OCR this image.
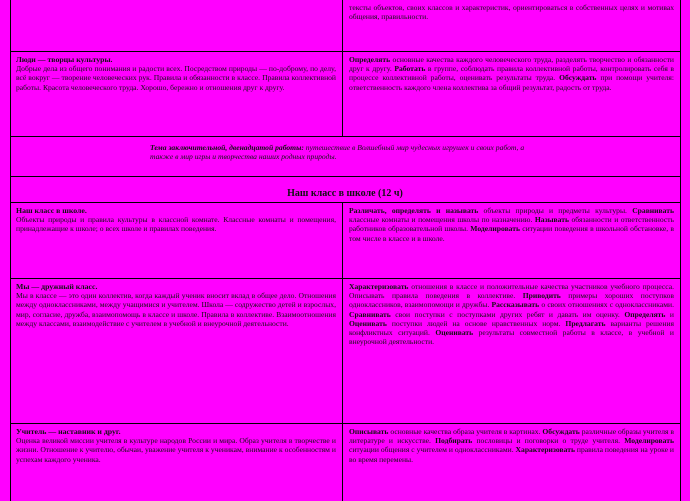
тексты объектов, своих классов и характеристик, ориентироваться в собственных целях и мотивах общения, правильности.

Люди — творцы культуры.

Добрые дела из общего понимания и радости всех. Посредством природы — по-доброму, по делу, всё вокруг — творение человеческих рук. Правила и обязанности в классе. Правила коллективной работы. Красота человеческого труда. Хорошо, бережно и отношения друг к другу.

Определять основные качества каждого человеческого труда, разделять творчество и обязанности друг к другу. Работать в группе, соблюдать правила коллективной работы, контролировать себя в процессе коллективной работы, оценивать результаты труда. Обсуждать при помощи учителя: ответственность каждого члена коллектива за общий результат, радость от труда.

Тема заключительной, двенадцатой работы: путешествие в Волшебный мир чудесных игрушек и своих работ, а также в мир игры и творчества наших родных природы.

Наш класс в школе (12 ч)

Наш класс в школе.

Объекты природы и правила культуры в классной комнате. Классные комнаты и помещения, принадлежащие к школе; о всех школе и правилах поведения.

Различать, определять и называть объекты природы и предметы культуры. Сравнивать классные комнаты и помещения школы по назначению. Называть обязанности и ответственность работников образовательной школы. Моделировать ситуации поведения в школьной обстановке, в том числе в классе и в школе.

Мы — дружный класс.

Мы в классе — это один коллектив, когда каждый ученик вносит вклад в общее дело. Отношения между одноклассниками, между учащимися и учителем. Школа — содружество детей и взрослых, мир, согласие, дружба, взаимопомощь в классе и школе. Правила в коллективе. Взаимоотношения между классами, взаимодействие с учителем в учебной и внеурочной деятельности.

Характеризовать отношения в классе и положительные качества участников учебного процесса. Описывать правила поведения в коллективе. Приводить примеры хороших поступков одноклассников, взаимопомощи и дружбы. Рассказывать о своих отношениях с одноклассниками. Сравнивать свои поступки с поступками других ребят и давать им оценку. Определять и Оценивать поступки людей на основе нравственных норм. Предлагать варианты решения конфликтных ситуаций. Оценивать результаты совместной работы в классе, в учебной и внеурочной деятельности.

Учитель — наставник и друг.

Оценка великой миссии учителя в культуре народов России и мира. Образ учителя в творчестве и жизни. Отношение к учителю, обычаи, уважение учителя к ученикам, внимание к особенностям и успехам каждого ученика.

Описывать основные качества образа учителя в картинах. Обсуждать различные образы учителя в литературе и искусстве. Подбирать пословицы и поговорки о труде учителя. Моделировать ситуации общения с учителем и одноклассниками. Характеризовать правила поведения на уроке и во время перемены.
